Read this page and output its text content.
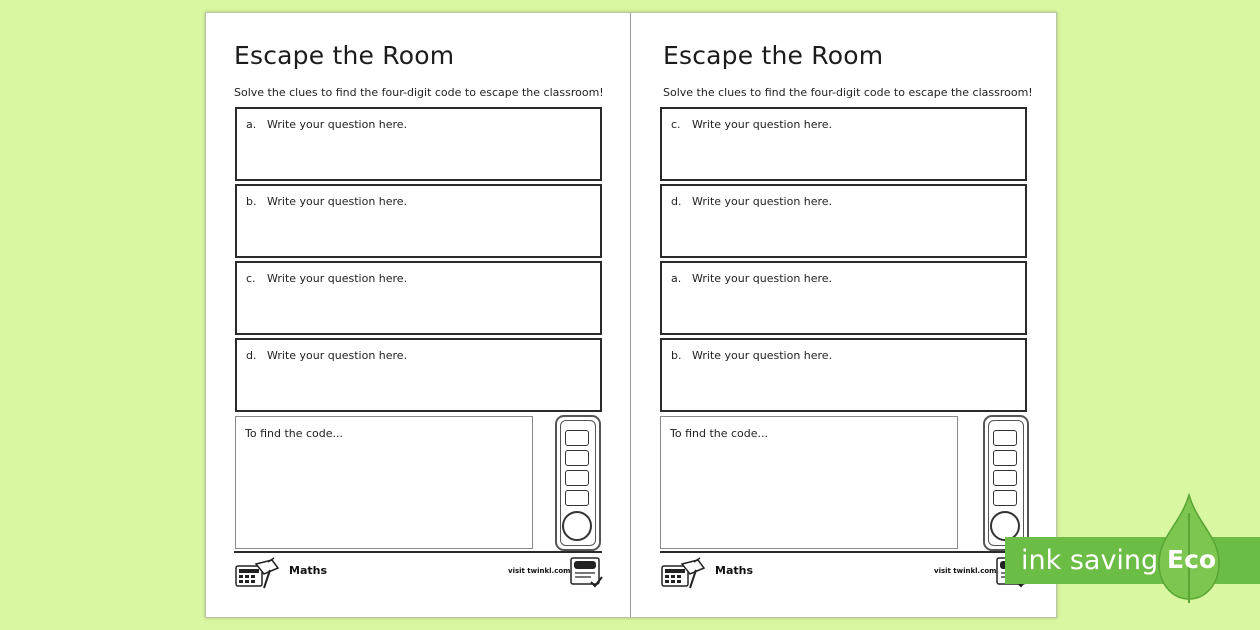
Escape the Room
Solve the clues to find the four-digit code to escape the classroom!
a. Write your question here.
b. Write your question here.
c. Write your question here.
d. Write your question here.
To find the code...
Maths	visit twinkl.com
Escape the Room
Solve the clues to find the four-digit code to escape the classroom!
c. Write your question here.
d. Write your question here.
a. Write your question here.
b. Write your question here.
To find the code...
Maths	visit twinkl.com ink saving Eco
